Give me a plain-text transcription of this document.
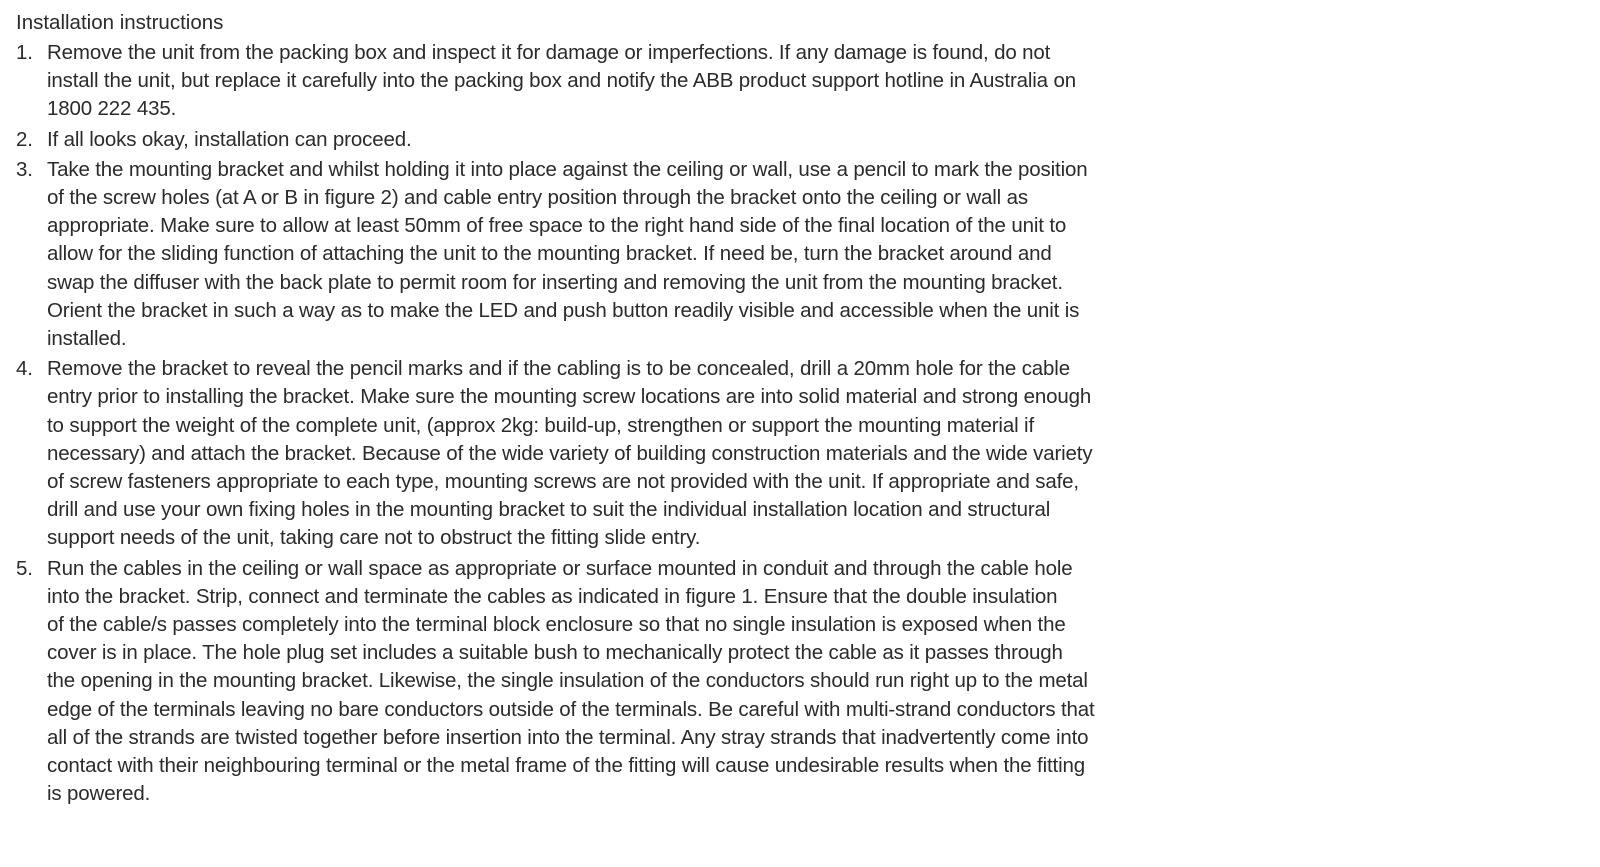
Installation instructions
1. Remove the unit from the packing box and inspect it for damage or imperfections. If any damage is found, do not
install the unit, but replace it carefully into the packing box and notify the ABB product support hotline in Australia on
1800 222 435.
2. If all looks okay, installation can proceed.
3. Take the mounting bracket and whilst holding it into place against the ceiling or wall, use a pencil to mark the position
of the screw holes (at A or B in figure 2) and cable entry position through the bracket onto the ceiling or wall as
appropriate. Make sure to allow at least 50mm of free space to the right hand side of the final location of the unit to
allow for the sliding function of attaching the unit to the mounting bracket. If need be, turn the bracket around and
swap the diffuser with the back plate to permit room for inserting and removing the unit from the mounting bracket.
Orient the bracket in such a way as to make the LED and push button readily visible and accessible when the unit is
installed.
4. Remove the bracket to reveal the pencil marks and if the cabling is to be concealed, drill a 20mm hole for the cable
entry prior to installing the bracket. Make sure the mounting screw locations are into solid material and strong enough
to support the weight of the complete unit, (approx 2kg: build-up, strengthen or support the mounting material if
necessary) and attach the bracket. Because of the wide variety of building construction materials and the wide variety
of screw fasteners appropriate to each type, mounting screws are not provided with the unit. If appropriate and safe,
drill and use your own fixing holes in the mounting bracket to suit the individual installation location and structural
support needs of the unit, taking care not to obstruct the fitting slide entry.
5. Run the cables in the ceiling or wall space as appropriate or surface mounted in conduit and through the cable hole
into the bracket. Strip, connect and terminate the cables as indicated in figure 1. Ensure that the double insulation
of the cable/s passes completely into the terminal block enclosure so that no single insulation is exposed when the
cover is in place. The hole plug set includes a suitable bush to mechanically protect the cable as it passes through
the opening in the mounting bracket. Likewise, the single insulation of the conductors should run right up to the metal
edge of the terminals leaving no bare conductors outside of the terminals. Be careful with multi-strand conductors that
all of the strands are twisted together before insertion into the terminal. Any stray strands that inadvertently come into
contact with their neighbouring terminal or the metal frame of the fitting will cause undesirable results when the fitting
is powered.
